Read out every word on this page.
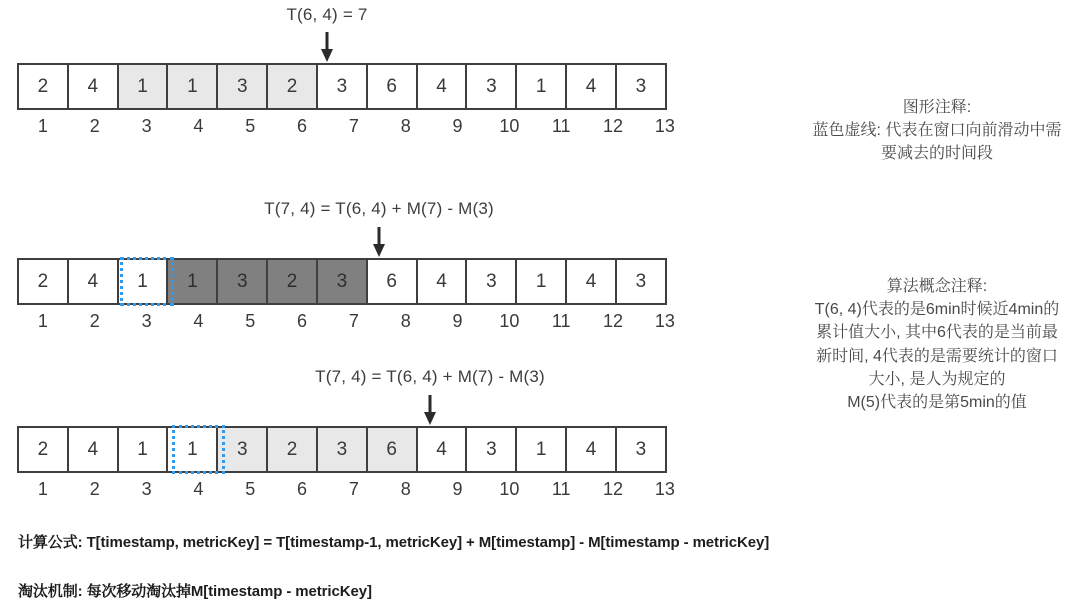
T(6, 4) = 7
2 4 1 1 3 2 3 6 4 3 1 4 3
1	2	3	4	5	6	7	8	9	10	11	12	13
T(7, 4) = T(6, 4) + M(7) - M(3)
2 4 1 1 3 2 3 6 4 3 1 4 3
1	2	3	4	5	6	7	8	9	10	11	12	13
T(7, 4) = T(6, 4) + M(7) - M(3)
2 4 1 1 3 2 3 6 4 3 1 4 3
1	2	3	4	5	6	7	8	9	10	11	12	13
图形注释:
蓝色虚线: 代表在窗口向前滑动中需要减去的时间段
算法概念注释:
T(6, 4)代表的是6min时候近4min的累计值大小, 其中6代表的是当前最新时间, 4代表的是需要统计的窗口大小, 是人为规定的
M(5)代表的是第5min的值
计算公式: T[timestamp, metricKey] = T[timestamp-1, metricKey] + M[timestamp] - M[timestamp - metricKey]
淘汰机制: 每次移动淘汰掉M[timestamp - metricKey]
